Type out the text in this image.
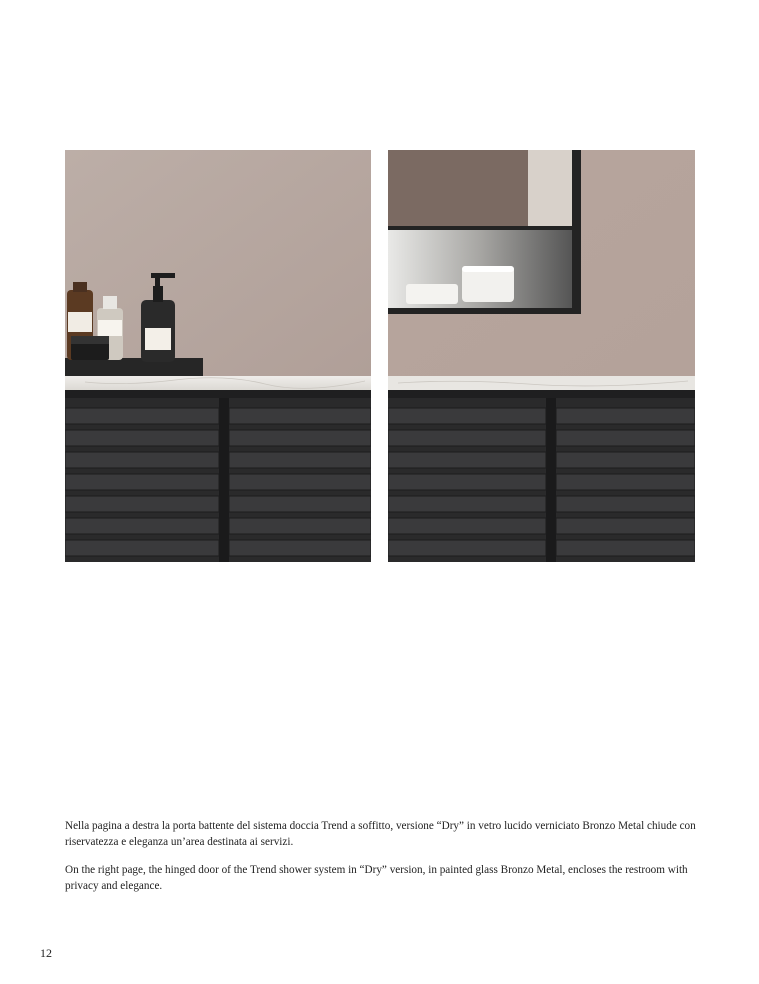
Nella pagina a destra la porta battente del sistema doccia Trend a soffitto, versione “Dry” in vetro lucido verniciato Bronzo Metal chiude con riservatezza e eleganza un’area destinata ai servizi.

On the right page, the hinged door of the Trend shower system in “Dry” version, in painted glass Bronzo Metal, encloses the restroom with privacy and elegance.

12
